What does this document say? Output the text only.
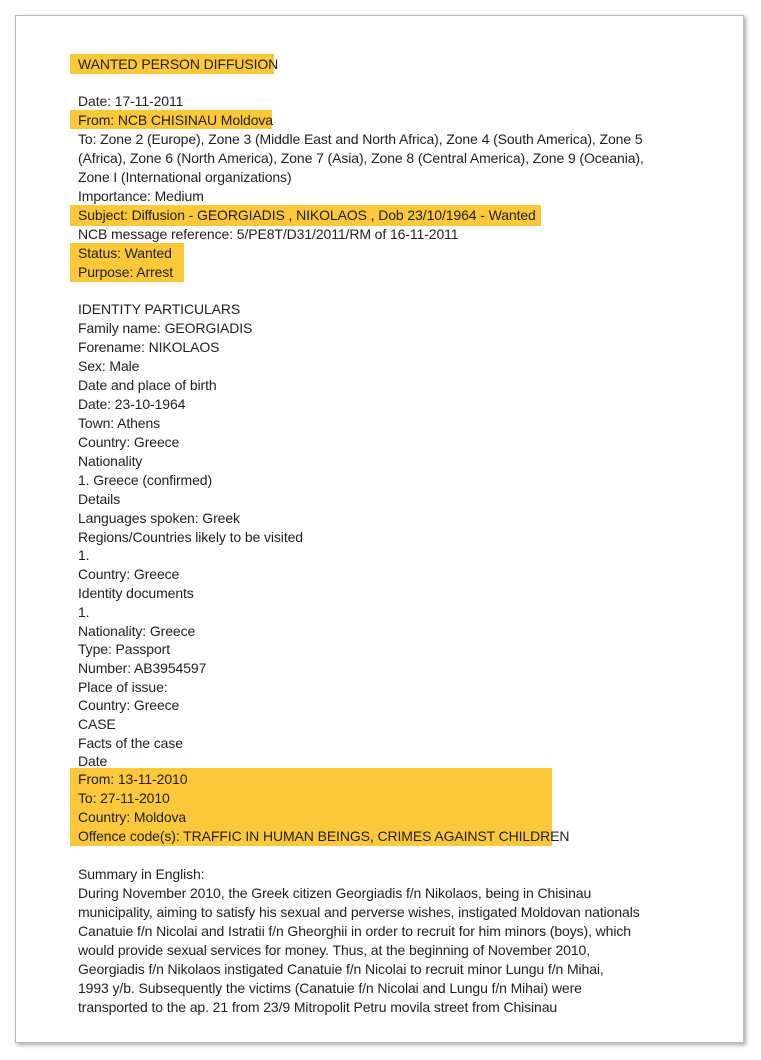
WANTED PERSON DIFFUSION
Date: 17-11-2011
From: NCB CHISINAU Moldova
To: Zone 2 (Europe), Zone 3 (Middle East and North Africa), Zone 4 (South America), Zone 5
(Africa), Zone 6 (North America), Zone 7 (Asia), Zone 8 (Central America), Zone 9 (Oceania),
Zone I (International organizations)
Importance: Medium
Subject: Diffusion - GEORGIADIS , NIKOLAOS , Dob 23/10/1964 - Wanted
NCB message reference: 5/PE8T/D31/2011/RM of 16-11-2011
Status: Wanted
Purpose: Arrest
IDENTITY PARTICULARS
Family name: GEORGIADIS
Forename: NIKOLAOS
Sex: Male
Date and place of birth
Date: 23-10-1964
Town: Athens
Country: Greece
Nationality
1. Greece (confirmed)
Details
Languages spoken: Greek
Regions/Countries likely to be visited
1.
Country: Greece
Identity documents
1.
Nationality: Greece
Type: Passport
Number: AB3954597
Place of issue:
Country: Greece
CASE
Facts of the case
Date
From: 13-11-2010
To: 27-11-2010
Country: Moldova
Offence code(s): TRAFFIC IN HUMAN BEINGS, CRIMES AGAINST CHILDREN
Summary in English:
During November 2010, the Greek citizen Georgiadis f/n Nikolaos, being in Chisinau
municipality, aiming to satisfy his sexual and perverse wishes, instigated Moldovan nationals
Canatuie f/n Nicolai and Istratii f/n Gheorghii in order to recruit for him minors (boys), which
would provide sexual services for money. Thus, at the beginning of November 2010,
Georgiadis f/n Nikolaos instigated Canatuie f/n Nicolai to recruit minor Lungu f/n Mihai,
1993 y/b. Subsequently the victims (Canatuie f/n Nicolai and Lungu f/n Mihai) were
transported to the ap. 21 from 23/9 Mitropolit Petru movila street from Chisinau
